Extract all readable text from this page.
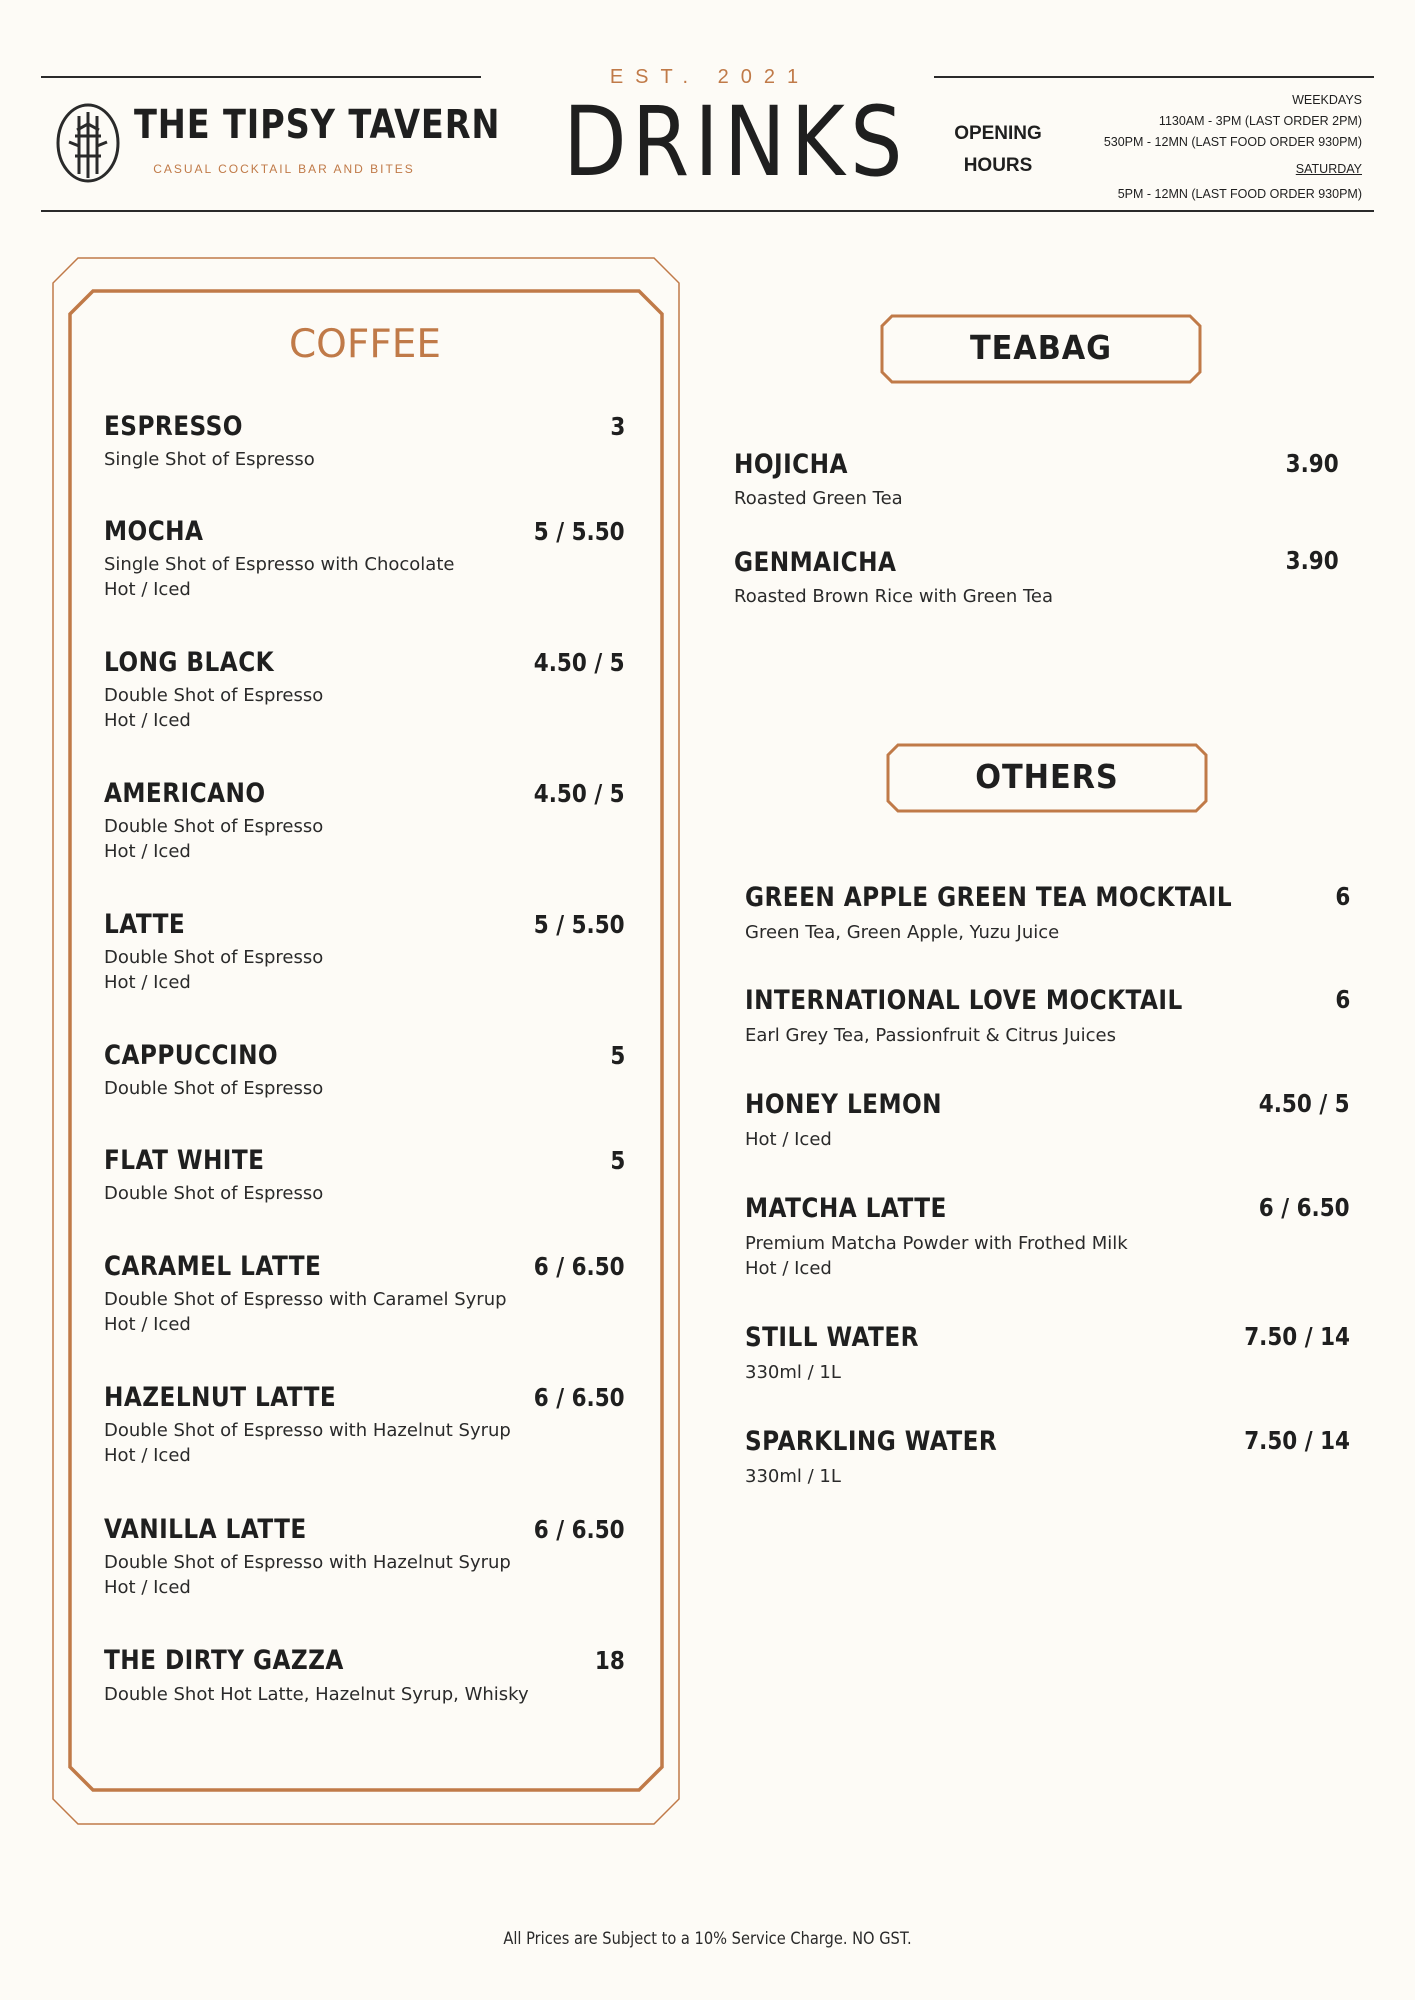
THE TIPSY TAVERN
CASUAL COCKTAIL BAR AND BITES
EST. 2021
DRINKS	OPENING
HOURS
WEEKDAYS
1130AM - 3PM (LAST ORDER 2PM)
530PM - 12MN (LAST FOOD ORDER 930PM)
SATURDAY
5PM - 12MN (LAST FOOD ORDER 930PM)
COFFEE
ESPRESSO	3
Single Shot of Espresso
MOCHA	5 / 5.50
Single Shot of Espresso with Chocolate
Hot / Iced
LONG BLACK	4.50 / 5
Double Shot of Espresso
Hot / Iced
AMERICANO	4.50 / 5
Double Shot of Espresso
Hot / Iced
LATTE	5 / 5.50
Double Shot of Espresso
Hot / Iced
CAPPUCCINO	5
Double Shot of Espresso
FLAT WHITE	5
Double Shot of Espresso
CARAMEL LATTE	6 / 6.50
Double Shot of Espresso with Caramel Syrup
Hot / Iced
HAZELNUT LATTE	6 / 6.50
Double Shot of Espresso with Hazelnut Syrup
Hot / Iced
VANILLA LATTE	6 / 6.50
Double Shot of Espresso with Hazelnut Syrup
Hot / Iced
THE DIRTY GAZZA	18
Double Shot Hot Latte, Hazelnut Syrup, Whisky
TEABAG
HOJICHA	3.90
Roasted Green Tea
GENMAICHA	3.90
Roasted Brown Rice with Green Tea
OTHERS
GREEN APPLE GREEN TEA MOCKTAIL	6
Green Tea, Green Apple, Yuzu Juice
INTERNATIONAL LOVE MOCKTAIL	6
Earl Grey Tea, Passionfruit & Citrus Juices
HONEY LEMON	4.50 / 5
Hot / Iced
MATCHA LATTE	6 / 6.50
Premium Matcha Powder with Frothed Milk
Hot / Iced
STILL WATER	7.50 / 14
330ml / 1L
SPARKLING WATER	7.50 / 14
330ml / 1L
All Prices are Subject to a 10% Service Charge. NO GST.
